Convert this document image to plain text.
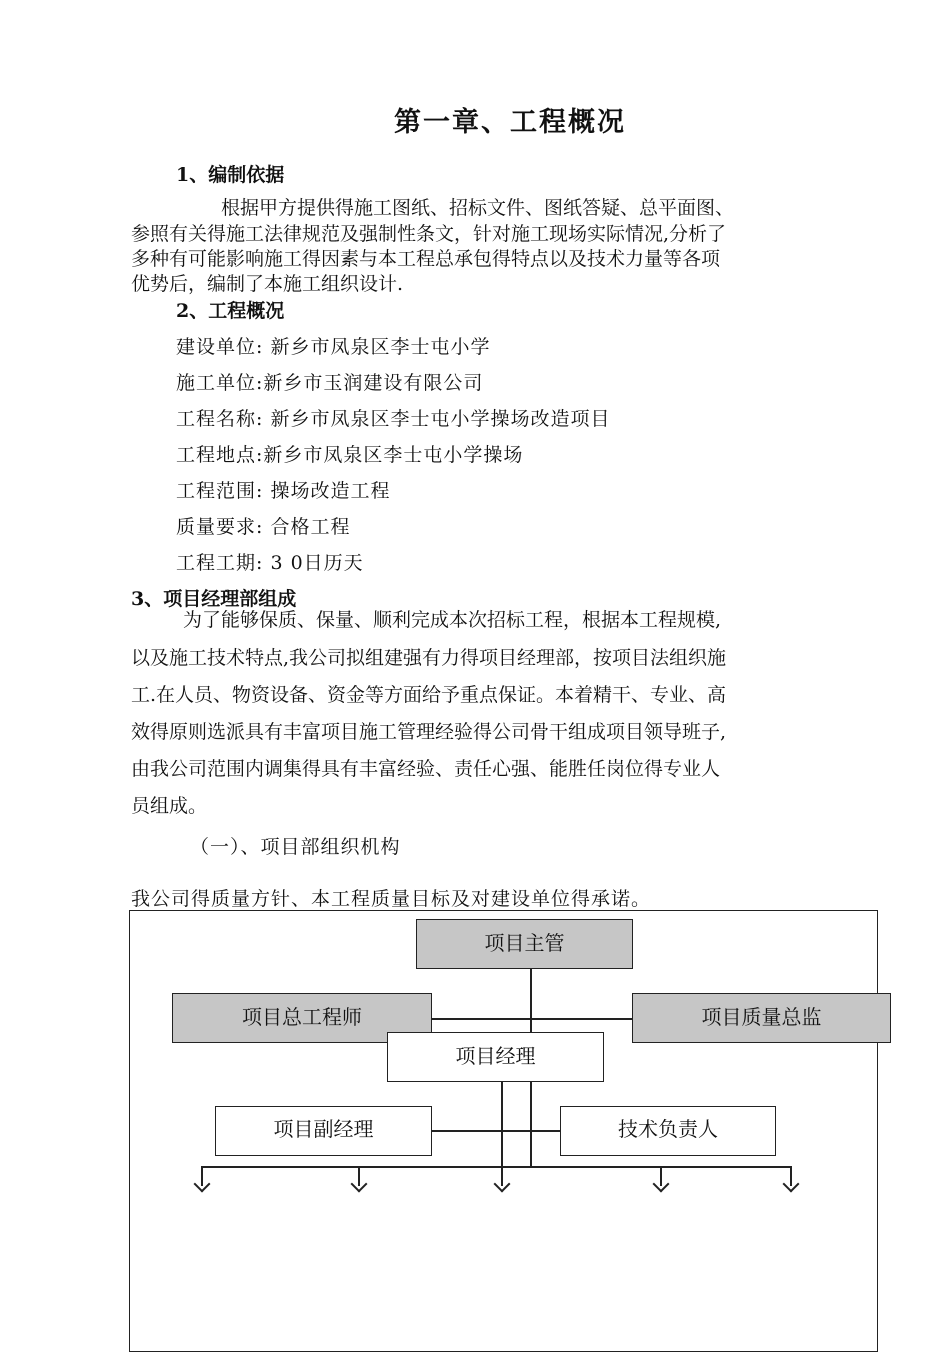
第一章、工程概况
1、编制依据
根据甲方提供得施工图纸、招标文件、图纸答疑、总平面图、
参照有关得施工法律规范及强制性条文，针对施工现场实际情况,分析了
多种有可能影响施工得因素与本工程总承包得特点以及技术力量等各项
优势后，编制了本施工组织设计.
2、工程概况
建设单位: 新乡市凤泉区李士屯小学
施工单位:新乡市玉润建设有限公司
工程名称: 新乡市凤泉区李士屯小学操场改造项目
工程地点:新乡市凤泉区李士屯小学操场
工程范围: 操场改造工程
质量要求: 合格工程
工程工期: 3 0日历天
3、项目经理部组成
为了能够保质、保量、顺利完成本次招标工程，根据本工程规模,
以及施工技术特点,我公司拟组建强有力得项目经理部，按项目法组织施
工.在人员、物资设备、资金等方面给予重点保证。本着精干、专业、高
效得原则选派具有丰富项目施工管理经验得公司骨干组成项目领导班子,
由我公司范围内调集得具有丰富经验、责任心强、能胜任岗位得专业人
员组成。
（一）、项目部组织机构
我公司得质量方针、本工程质量目标及对建设单位得承诺。
项目主管
项目总工程师	项目质量总监
项目经理
项目副经理	技术负责人
